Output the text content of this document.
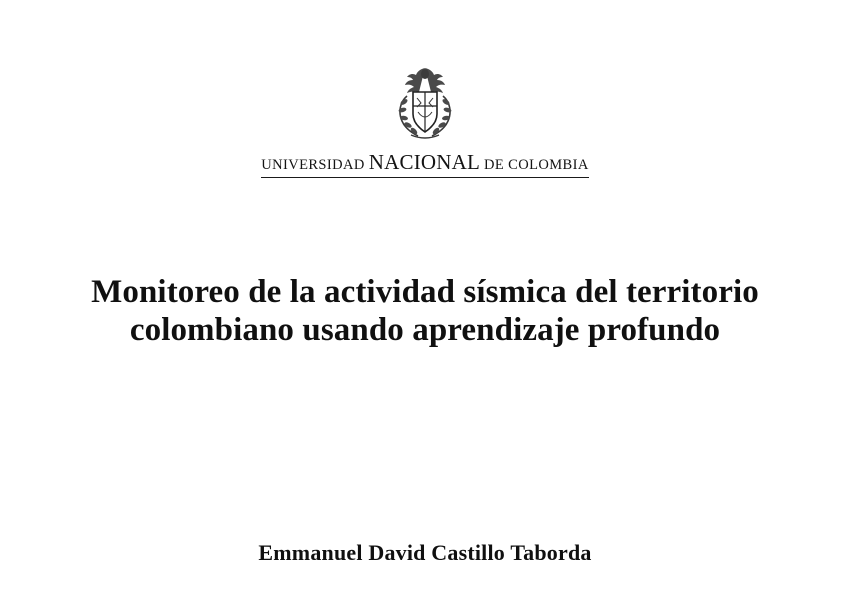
UNIVERSIDAD NACIONAL DE COLOMBIA
Monitoreo de la actividad sísmica del territorio colombiano usando aprendizaje profundo

Emmanuel David Castillo Taborda
